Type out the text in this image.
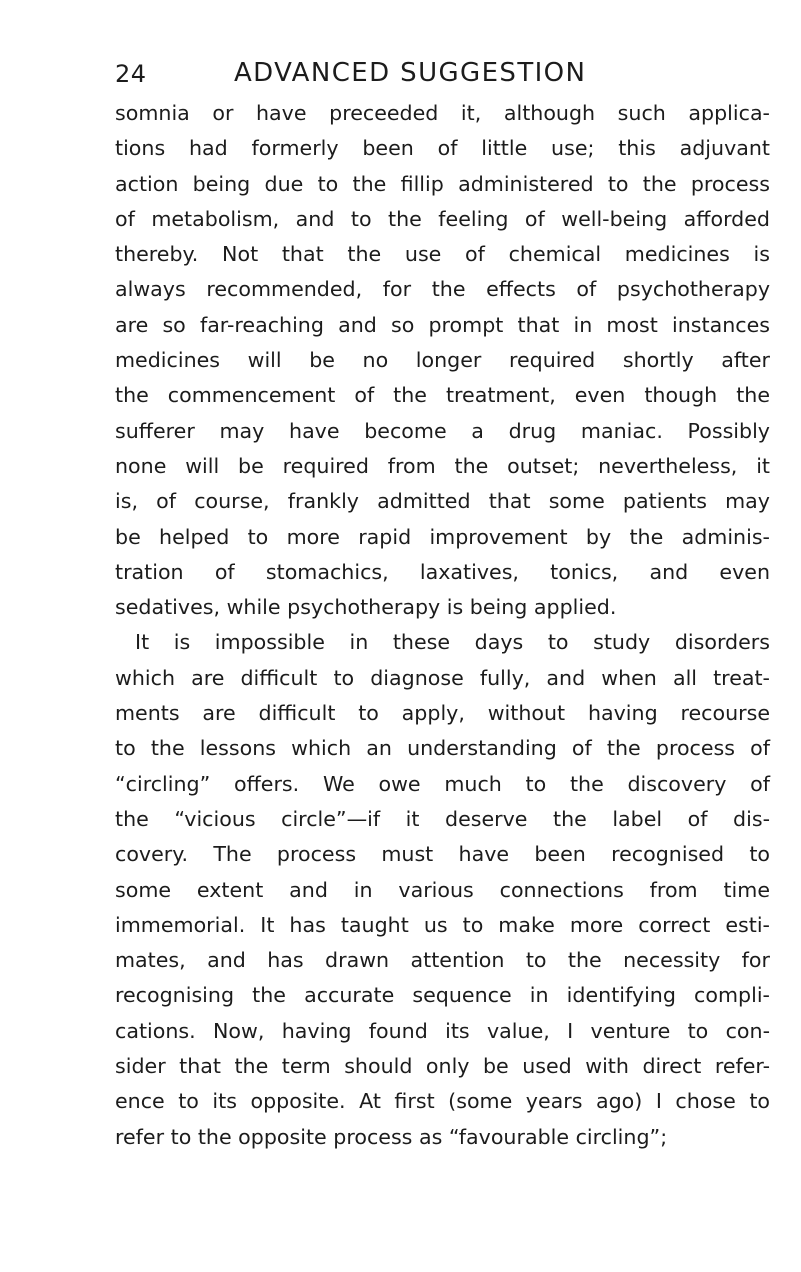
24	ADVANCED SUGGESTION
somnia or have preceeded it, although such applica-
tions had formerly been of little use; this adjuvant
action being due to the fillip administered to the process
of metabolism, and to the feeling of well-being afforded
thereby. Not that the use of chemical medicines is
always recommended, for the effects of psychotherapy
are so far-reaching and so prompt that in most instances
medicines will be no longer required shortly after
the commencement of the treatment, even though the
sufferer may have become a drug maniac. Possibly
none will be required from the outset; nevertheless, it
is, of course, frankly admitted that some patients may
be helped to more rapid improvement by the adminis-
tration of stomachics, laxatives, tonics, and even
sedatives, while psychotherapy is being applied.
It is impossible in these days to study disorders
which are difficult to diagnose fully, and when all treat-
ments are difficult to apply, without having recourse
to the lessons which an understanding of the process of
“circling” offers. We owe much to the discovery of
the “vicious circle”—if it deserve the label of dis-
covery. The process must have been recognised to
some extent and in various connections from time
immemorial. It has taught us to make more correct esti-
mates, and has drawn attention to the necessity for
recognising the accurate sequence in identifying compli-
cations. Now, having found its value, I venture to con-
sider that the term should only be used with direct refer-
ence to its opposite. At first (some years ago) I chose to
refer to the opposite process as “favourable circling”;
